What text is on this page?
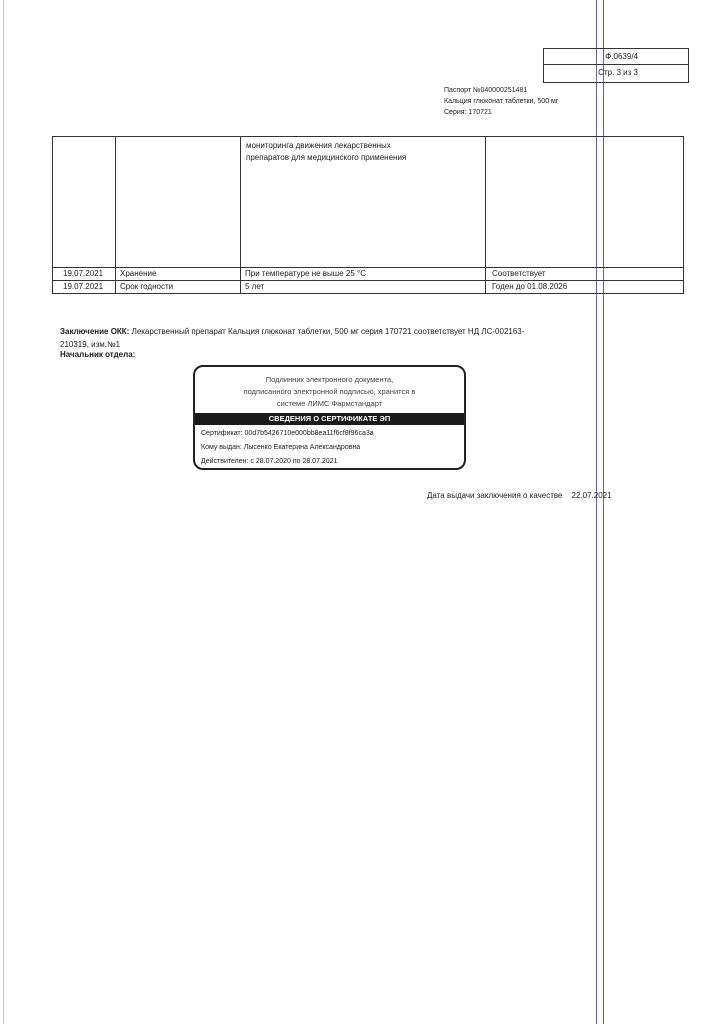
Ф.0639/4
Стр. 3 из 3
Паспорт №040000251481
Кальция глюконат таблетки, 500 мг
Серия: 170721
мониторинга движения лекарственных
препаратов для медицинского применения
19.07.2021 Хранение	При температуре не выше 25 °С	Соответствует
19.07.2021 Срок годности	5 лет	Годен до 01.08.2026
Заключение ОКК: Лекарственный препарат Кальция глюконат таблетки, 500 мг серия 170721 соответствует НД ЛС-002163-210319, изм.№1
Начальник отдела:
Подлинник электронного документа,
подписанного электронной подписью, хранится в
системе ЛИМС Фармстандарт
СВЕДЕНИЯ О СЕРТИФИКАТЕ ЭП
Сертификат: 00d7b5426710e000bb8ea11f6cf8f96ca3a
Кому выдан: Лысенко Екатерина Александровна
Действителен: с 28.07.2020 по 28.07.2021
Дата выдачи заключения о качестве 22.07.2021
